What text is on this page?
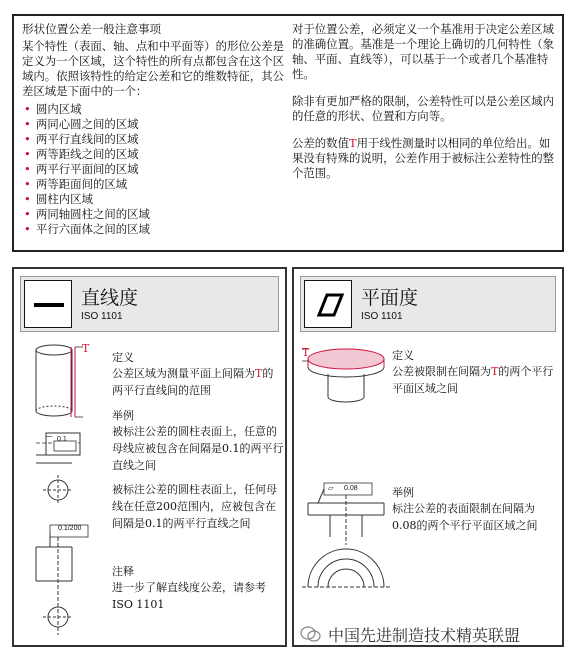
形状位置公差一般注意事项
某个特性（表面、轴、点和中平面等）的形位公差是定义为一个区域，这个特性的所有点都包含在这个区域内。依照该特性的给定公差和它的维数特征，其公差区域是下面中的一个：
• 圆内区域
• 两同心圆之间的区域
• 两平行直线间的区域
• 两等距线之间的区域
• 两平行平面间的区域
• 两等距面间的区域
• 圆柱内区域
• 两同轴圆柱之间的区域
• 平行六面体之间的区域
对于位置公差，必须定义一个基准用于决定公差区域的准确位置。基准是一个理论上确切的几何特性（象轴、平面、直线等），可以基于一个或者几个基准特性。
除非有更加严格的限制，公差特性可以是公差区域内的任意的形状、位置和方向等。
公差的数值T用于线性测量时以相同的单位给出。如果没有特殊的说明，公差作用于被标注公差特性的整个范围。
直线度
ISO 1101
— 0.1
0.1/200
T
定义
公差区域为测量平面上间隔为T的两平行直线间的范围
举例
被标注公差的圆柱表面上，任意的母线应被包含在间隔是0.1的两平行直线之间
被标注公差的圆柱表面上，任何母线在任意200范围内，应被包含在间隔是0.1的两平行直线之间
注释
进一步了解直线度公差，请参考ISO 1101
平面度
ISO 1101
T
▱ 0.08
定义
公差被限制在间隔为T的两个平行平面区域之间
举例
标注公差的表面限制在间隔为0.08的两个平行平面区域之间
中国先进制造技术精英联盟
